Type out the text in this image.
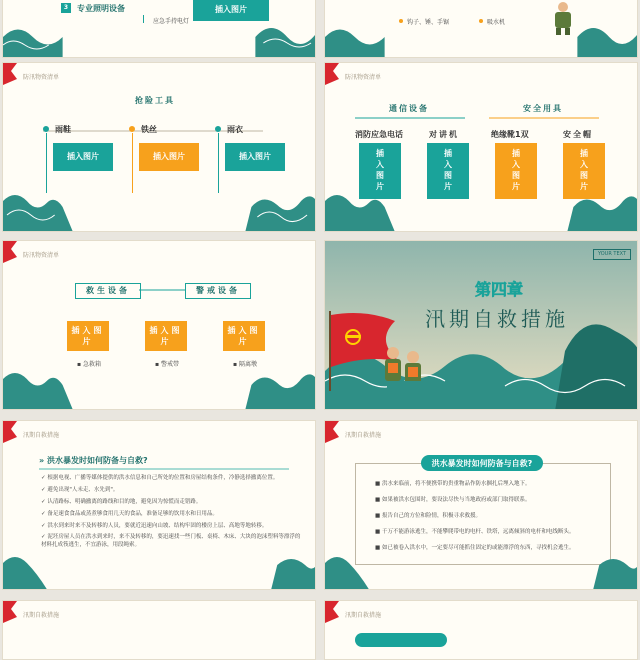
3	专业照明设备
应急手持电灯
插入图片
钩子、锤、手锯	吸水机
防汛物资清单
抢险工具
雨鞋
插入图片
铁丝
插入图片
雨衣
插入图片
防汛物资清单
通信设备	安全用具
消防应急电话
插入图片
对讲机
插入图片
绝缘靴1双
插入图片
安全帽
插入图片
防汛物资清单
救生设备	警戒设备
插入图片
▪ 急救箱
插入图片
▪ 警戒带
插入图片
▪ 隔离墩
YOUR TEXT
第四章
汛期自救措施
汛期自救措施
» 洪水暴发时如何防备与自救?
✓ 根据电视、广播等媒体提供的洪水信息和自己所处的位置和房屋结构条件，冷静选择撤离位置。
✓ 避免出现"人未走、水先到"。
✓ 认清路标、明确撤离的路线和目的地，避免因为惊慌而走错路。
✓ 备足速食食品或蒸煮够食用几天的食品，准备足够的饮用水和日用品。
✓ 洪水到来时来不及转移的人员，要就近迅速向山坡、结构牢固的楼房上层、高地等地转移。
✓ 泥坯房屋人员在洪水到来时，来不及转移的，要迅速找一些门板、桌椅、木床、大块的泡沫塑料等漂浮的材料扎成筏逃生，不宜游泳，用段绳索。
汛期自救措施
洪水暴发时如何防备与自救?
■ 洪水来临前，将不便携带的贵重物品作防水捆扎后埋入地下。
■ 如果被洪水包围时，要设法尽快与当地政府或部门取得联系。
■ 报告自己的方位和险情，积极寻求救援。
■ 千万不能游泳逃生，不能攀爬带电的电杆、铁塔，远离倾斜的电杆和电线断头。
■ 如已被卷入洪水中，一定要尽可能抓住固定的或能漂浮的东西，寻找机会逃生。
汛期自救措施	汛期自救措施
